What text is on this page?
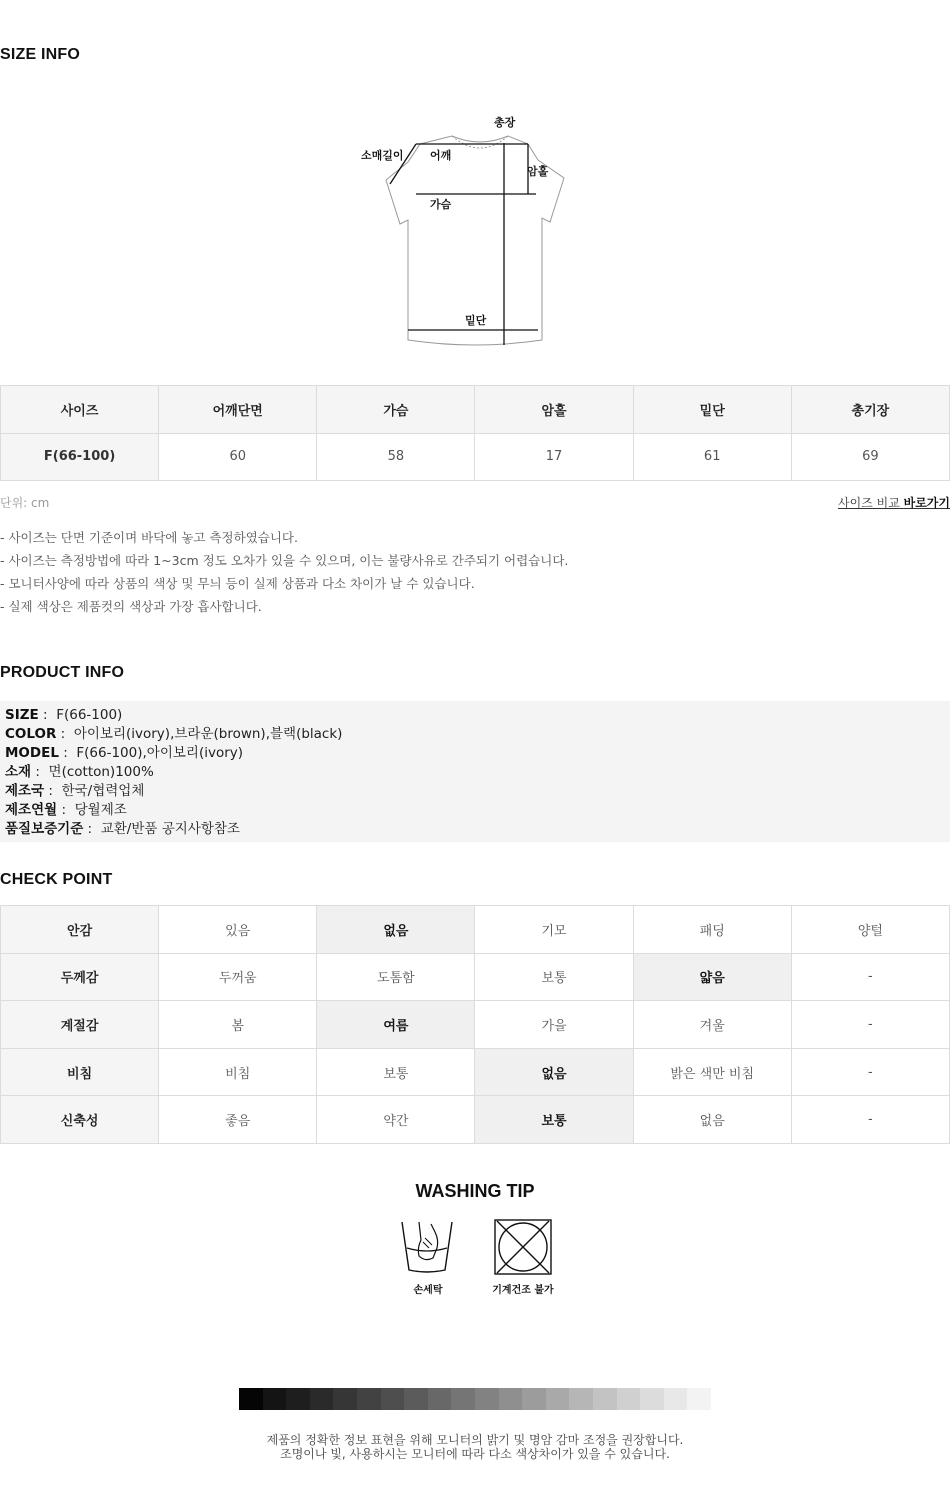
SIZE INFO
총장
소매길이 어깨
암홀
가슴
밑단
사이즈	어깨단면	가슴	암홀	밑단	총기장
F(66-100)	60	58	17	61	69
단위: cm	사이즈 비교 바로가기
- 사이즈는 단면 기준이며 바닥에 놓고 측정하였습니다.
- 사이즈는 측정방법에 따라 1~3cm 정도 오차가 있을 수 있으며, 이는 불량사유로 간주되기 어렵습니다.
- 모니터사양에 따라 상품의 색상 및 무늬 등이 실제 상품과 다소 차이가 날 수 있습니다.
- 실제 색상은 제품컷의 색상과 가장 흡사합니다.
PRODUCT INFO
SIZE :  F(66-100)
COLOR :  아이보리(ivory),브라운(brown),블랙(black)
MODEL :  F(66-100),아이보리(ivory)
소재 :  면(cotton)100%
제조국 :  한국/협력업체
제조연월 :  당월제조
품질보증기준 :  교환/반품 공지사항참조
CHECK POINT
안감	있음	없음	기모	패딩	양털
두께감	두꺼움	도톰함	보통	얇음	-
계절감	봄	여름	가을	겨울	-
비침	비침	보통	없음	밝은 색만 비침	-
신축성	좋음	약간	보통	없음	-
WASHING TIP
손세탁	기계건조 불가
제품의 정확한 정보 표현을 위해 모니터의 밝기 및 명암 감마 조정을 권장합니다.
조명이나 빛, 사용하시는 모니터에 따라 다소 색상차이가 있을 수 있습니다.
